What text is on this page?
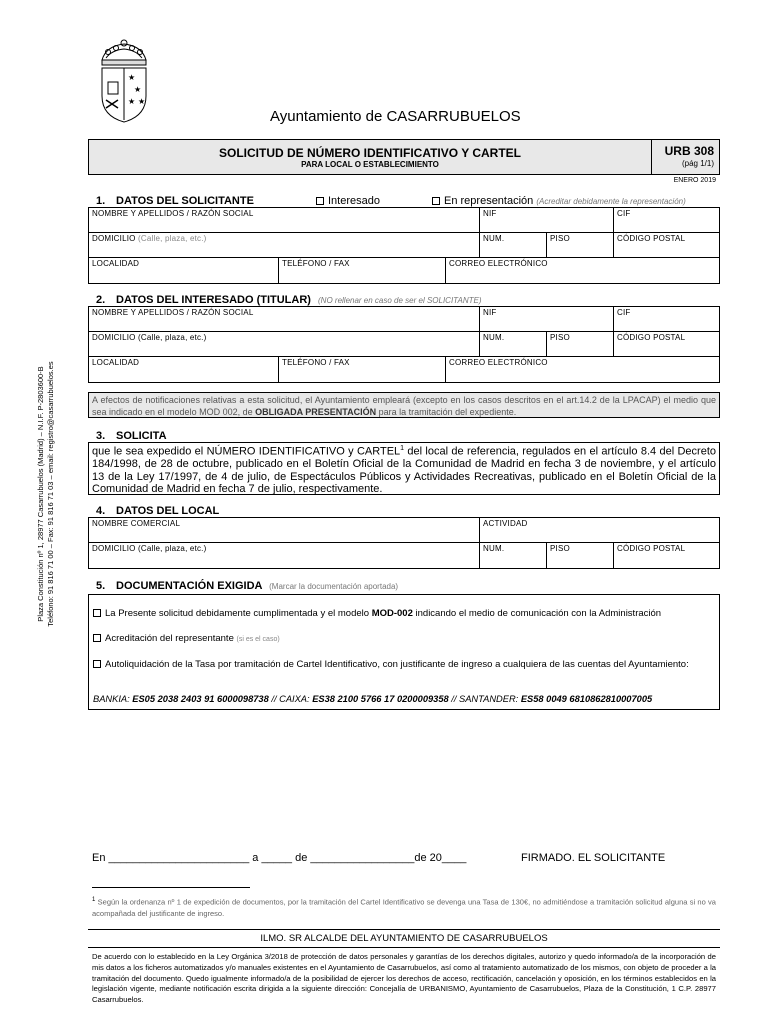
★
★
★ ★
Plaza Constitución nº 1, 28977 Casarrubuelos (Madrid) – N.I.F. P-2803600-B Teléfono: 91 816 71 00 – Fax: 91 816 71 03 – email: registro@casarrubuelos.es
Ayuntamiento de CASARRUBUELOS
SOLICITUD DE NÚMERO IDENTIFICATIVO Y CARTEL
PARA LOCAL O ESTABLECIMIENTO
URB 308
(pág 1/1)
ENERO 2019
1. DATOS DEL SOLICITANTE	Interesado	En representación (Acreditar debidamente la representación)
NOMBRE Y APELLIDOS / RAZÓN SOCIAL	NIF	CIF
DOMICILIO (Calle, plaza, etc.)	NUM.	PISO	CÓDIGO POSTAL
LOCALIDAD	TELÉFONO / FAX	CORREO ELECTRÓNICO
2. DATOS DEL INTERESADO (TITULAR) (NO rellenar en caso de ser el SOLICITANTE)
NOMBRE Y APELLIDOS / RAZÓN SOCIAL	NIF	CIF
DOMICILIO (Calle, plaza, etc.)	NUM.	PISO	CÓDIGO POSTAL
LOCALIDAD	TELÉFONO / FAX	CORREO ELECTRÓNICO
A efectos de notificaciones relativas a esta solicitud, el Ayuntamiento empleará (excepto en los casos descritos en el art.14.2 de la LPACAP) el medio que sea indicado en el modelo MOD 002, de OBLIGADA PRESENTACIÓN para la tramitación del expediente.
3. SOLICITA
que le sea expedido el NÚMERO IDENTIFICATIVO y CARTEL$^1$ del local de referencia, regulados en el artículo 8.4 del Decreto 184/1998, de 28 de octubre, publicado en el Boletín Oficial de la Comunidad de Madrid en fecha 3 de noviembre, y el artículo 13 de la Ley 17/1997, de 4 de julio, de Espectáculos Públicos y Actividades Recreativas, publicado en el Boletín Oficial de la Comunidad de Madrid en fecha 7 de julio, respectivamente.
4. DATOS DEL LOCAL
NOMBRE COMERCIAL	ACTIVIDAD
DOMICILIO (Calle, plaza, etc.)	NUM.	PISO	CÓDIGO POSTAL
5. DOCUMENTACIÓN EXIGIDA (Marcar la documentación aportada)
La Presente solicitud debidamente cumplimentada y el modelo MOD-002 indicando el medio de comunicación con la Administración
Acreditación del representante (si es el caso)
Autoliquidación de la Tasa por tramitación de Cartel Identificativo, con justificante de ingreso a cualquiera de las cuentas del Ayuntamiento:
BANKIA: ES05 2038 2403 91 6000098738 // CAIXA: ES38 2100 5766 17 0200009358 // SANTANDER: ES58 0049 6810862810007005
En _______________________ a _____ de _________________de 20____	FIRMADO. EL SOLICITANTE
$^1$ Según la ordenanza nº 1 de expedición de documentos, por la tramitación del Cartel Identificativo se devenga una Tasa de 130€, no admitiéndose a tramitación solicitud alguna si no va acompañada del justificante de ingreso.
ILMO. SR ALCALDE DEL AYUNTAMIENTO DE CASARRUBUELOS
De acuerdo con lo establecido en la Ley Orgánica 3/2018 de protección de datos personales y garantías de los derechos digitales, autorizo y quedo informado/a de la incorporación de mis datos a los ficheros automatizados y/o manuales existentes en el Ayuntamiento de Casarrubuelos, así como al tratamiento automatizado de los mismos, con objeto de proceder a la tramitación del documento. Quedo igualmente informado/a de la posibilidad de ejercer los derechos de acceso, rectificación, cancelación y oposición, en los términos establecidos en la legislación vigente, mediante notificación escrita dirigida a la siguiente dirección: Concejalía de URBANISMO, Ayuntamiento de Casarrubuelos, Plaza de la Constitución, 1 C.P. 28977 Casarrubuelos.
